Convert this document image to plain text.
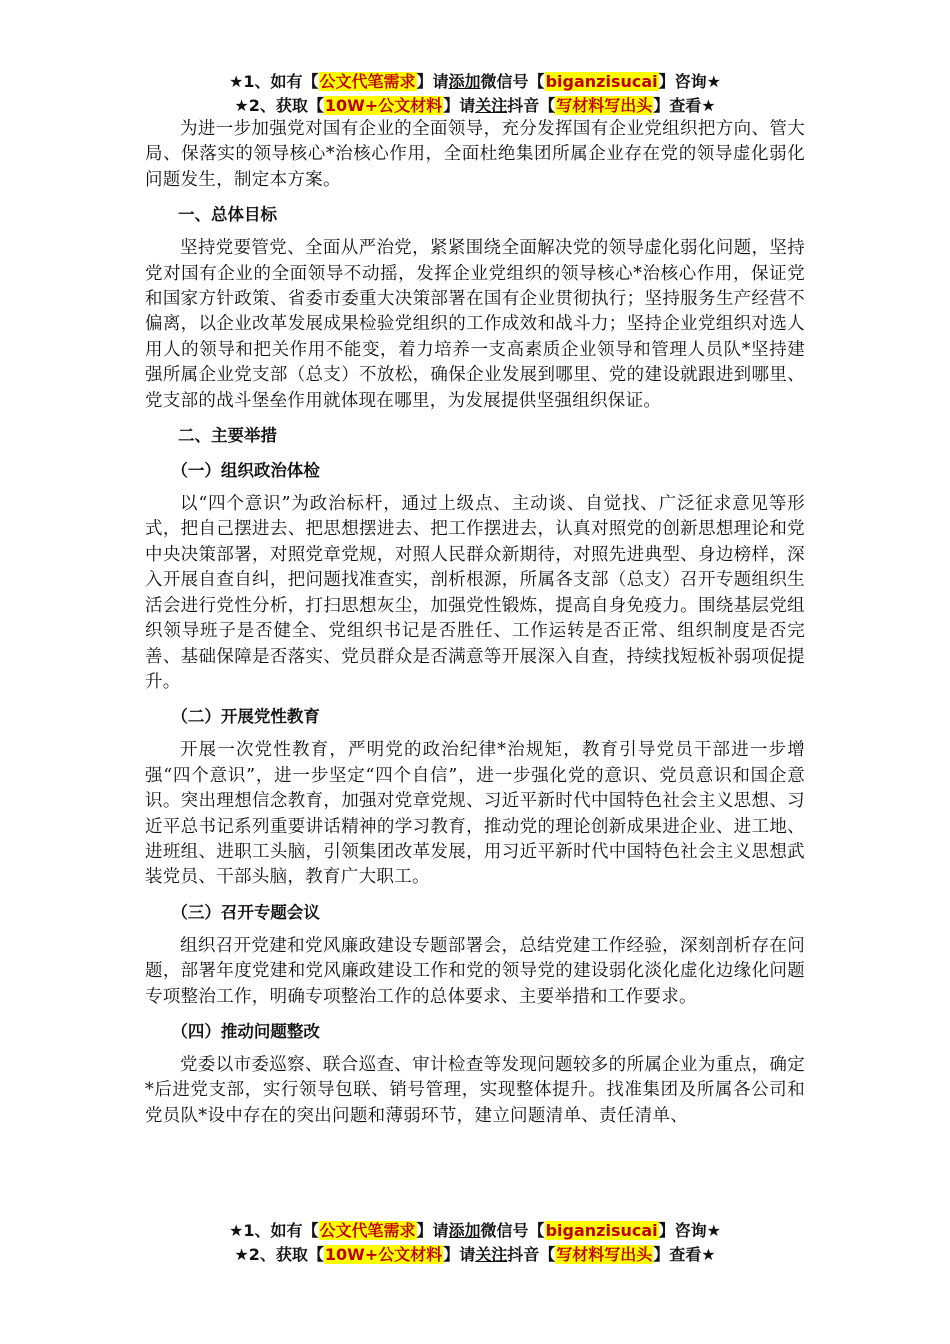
★1、如有【公文代笔需求】请添加微信号【biganzisucai】咨询★
★2、获取【10W+公文材料】请关注抖音【写材料写出头】查看★

为进一步加强党对国有企业的全面领导，充分发挥国有企业党组织把方向、管大局、保落实的领导核心*治核心作用，全面杜绝集团所属企业存在党的领导虚化弱化问题发生，制定本方案。

一、总体目标

坚持党要管党、全面从严治党，紧紧围绕全面解决党的领导虚化弱化问题，坚持党对国有企业的全面领导不动摇，发挥企业党组织的领导核心*治核心作用，保证党和国家方针政策、省委市委重大决策部署在国有企业贯彻执行；坚持服务生产经营不偏离，以企业改革发展成果检验党组织的工作成效和战斗力；坚持企业党组织对选人用人的领导和把关作用不能变，着力培养一支高素质企业领导和管理人员队*坚持建强所属企业党支部（总支）不放松，确保企业发展到哪里、党的建设就跟进到哪里、党支部的战斗堡垒作用就体现在哪里，为发展提供坚强组织保证。

二、主要举措
（一）组织政治体检

以“四个意识”为政治标杆，通过上级点、主动谈、自觉找、广泛征求意见等形式，把自己摆进去、把思想摆进去、把工作摆进去，认真对照党的创新思想理论和党中央决策部署，对照党章党规，对照人民群众新期待，对照先进典型、身边榜样，深入开展自查自纠，把问题找准查实，剖析根源，所属各支部（总支）召开专题组织生活会进行党性分析，打扫思想灰尘，加强党性锻炼，提高自身免疫力。围绕基层党组织领导班子是否健全、党组织书记是否胜任、工作运转是否正常、组织制度是否完善、基础保障是否落实、党员群众是否满意等开展深入自查，持续找短板补弱项促提升。

（二）开展党性教育

开展一次党性教育，严明党的政治纪律*治规矩，教育引导党员干部进一步增强“四个意识”，进一步坚定“四个自信”，进一步强化党的意识、党员意识和国企意识。突出理想信念教育，加强对党章党规、习近平新时代中国特色社会主义思想、习近平总书记系列重要讲话精神的学习教育，推动党的理论创新成果进企业、进工地、进班组、进职工头脑，引领集团改革发展，用习近平新时代中国特色社会主义思想武装党员、干部头脑，教育广大职工。

（三）召开专题会议

组织召开党建和党风廉政建设专题部署会，总结党建工作经验，深刻剖析存在问题，部署年度党建和党风廉政建设工作和党的领导党的建设弱化淡化虚化边缘化问题专项整治工作，明确专项整治工作的总体要求、主要举措和工作要求。

（四）推动问题整改

党委以市委巡察、联合巡查、审计检查等发现问题较多的所属企业为重点，确定*后进党支部，实行领导包联、销号管理，实现整体提升。找准集团及所属各公司和党员队*设中存在的突出问题和薄弱环节，建立问题清单、责任清单、

★1、如有【公文代笔需求】请添加微信号【biganzisucai】咨询★
★2、获取【10W+公文材料】请关注抖音【写材料写出头】查看★
